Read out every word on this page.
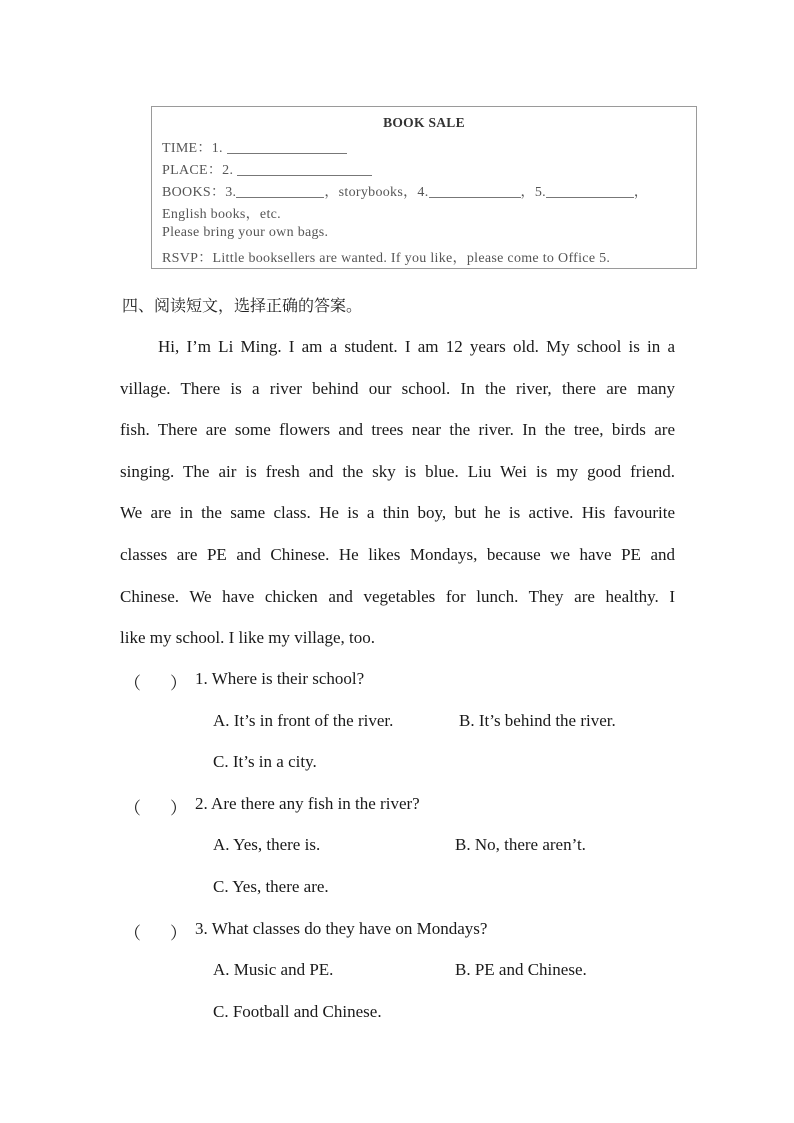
BOOK SALE
TIME：1.
PLACE：2.
BOOKS：3.	，storybooks，4.	，5.	，
English books，etc.
Please bring your own bags.
RSVP：Little booksellers are wanted. If you like，please come to Office 5.
四、阅读短文，选择正确的答案。
Hi, I’m Li Ming. I am a student. I am 12 years old. My school is in a
village. There is a river behind our school. In the river, there are many
fish. There are some flowers and trees near the river. In the tree, birds are
singing. The air is fresh and the sky is blue. Liu Wei is my good friend.
We are in the same class. He is a thin boy, but he is active. His favourite
classes are PE and Chinese. He likes Mondays, because we have PE and
Chinese. We have chicken and vegetables for lunch. They are healthy. I
like my school. I like my village, too.
（ ） 1. Where is their school?
A. It’s in front of the river.	B. It’s behind the river.
C. It’s in a city.
（ ） 2. Are there any fish in the river?
A. Yes, there is.	B. No, there aren’t.
C. Yes, there are.
（ ） 3. What classes do they have on Mondays?
A. Music and PE.	B. PE and Chinese.
C. Football and Chinese.
